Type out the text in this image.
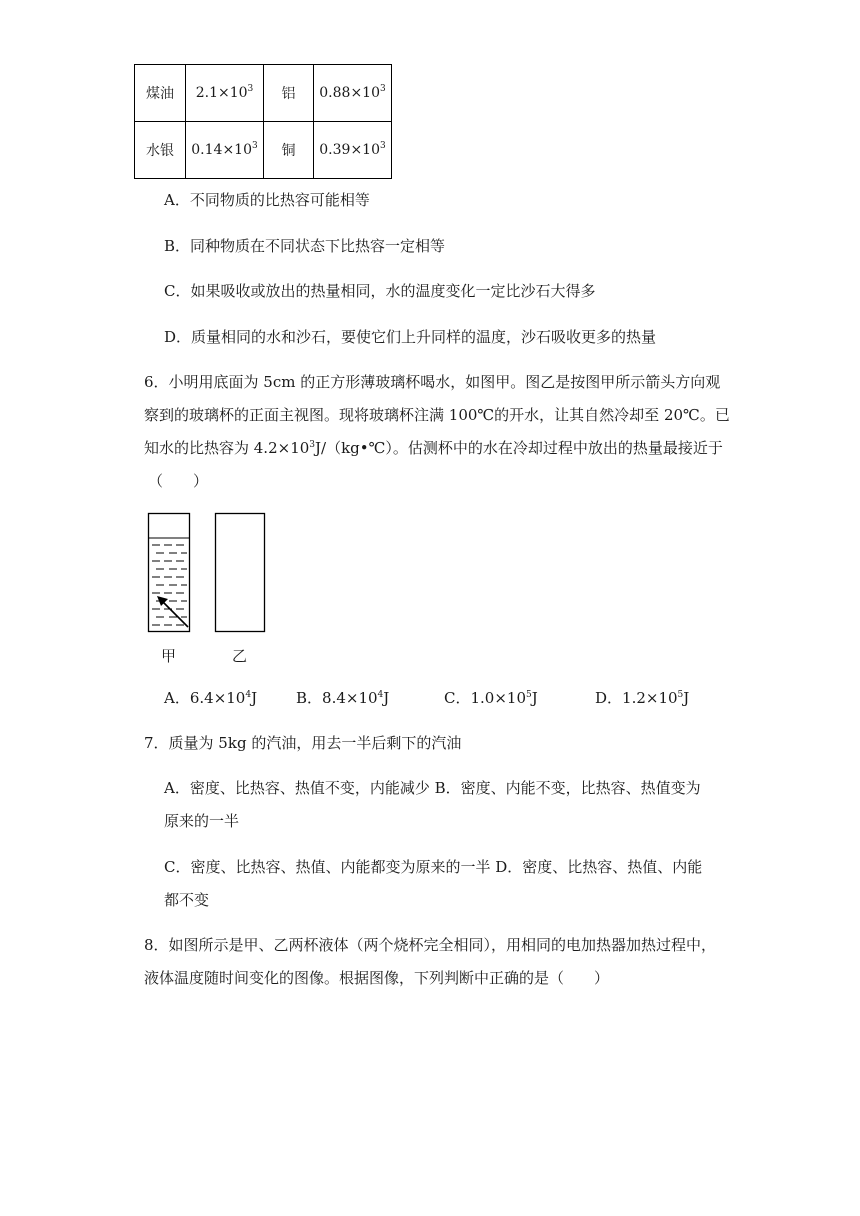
煤油	$2.1\times 10^3$	铝	$0.88\times 10^3$
水银	$0.14\times 10^3$	铜	$0.39\times 10^3$
A．不同物质的比热容可能相等
B．同种物质在不同状态下比热容一定相等
C．如果吸收或放出的热量相同，水的温度变化一定比沙石大得多
D．质量相同的水和沙石，要使它们上升同样的温度，沙石吸收更多的热量
6．小明用底面为 5cm 的正方形薄玻璃杯喝水，如图甲。图乙是按图甲所示箭头方向观
察到的玻璃杯的正面主视图。现将玻璃杯注满 100℃的开水，让其自然冷却至 20℃。已
知水的比热容为 $4.2\times 10^3J/(kg•℃)$。估测杯中的水在冷却过程中放出的热量最接近于
（　　）
甲	乙
A．$6.4\times 10^4J$	B．$8.4\times 10^4J$	C．$1.0\times 10^5J$	D．$1.2\times 10^5J$
7．质量为 5kg 的汽油，用去一半后剩下的汽油
A．密度、比热容、热值不变，内能减少 B．密度、内能不变，比热容、热值变为
原来的一半
C．密度、比热容、热值、内能都变为原来的一半 D．密度、比热容、热值、内能
都不变
8．如图所示是甲、乙两杯液体（两个烧杯完全相同），用相同的电加热器加热过程中，
液体温度随时间变化的图像。根据图像，下列判断中正确的是（　　）
